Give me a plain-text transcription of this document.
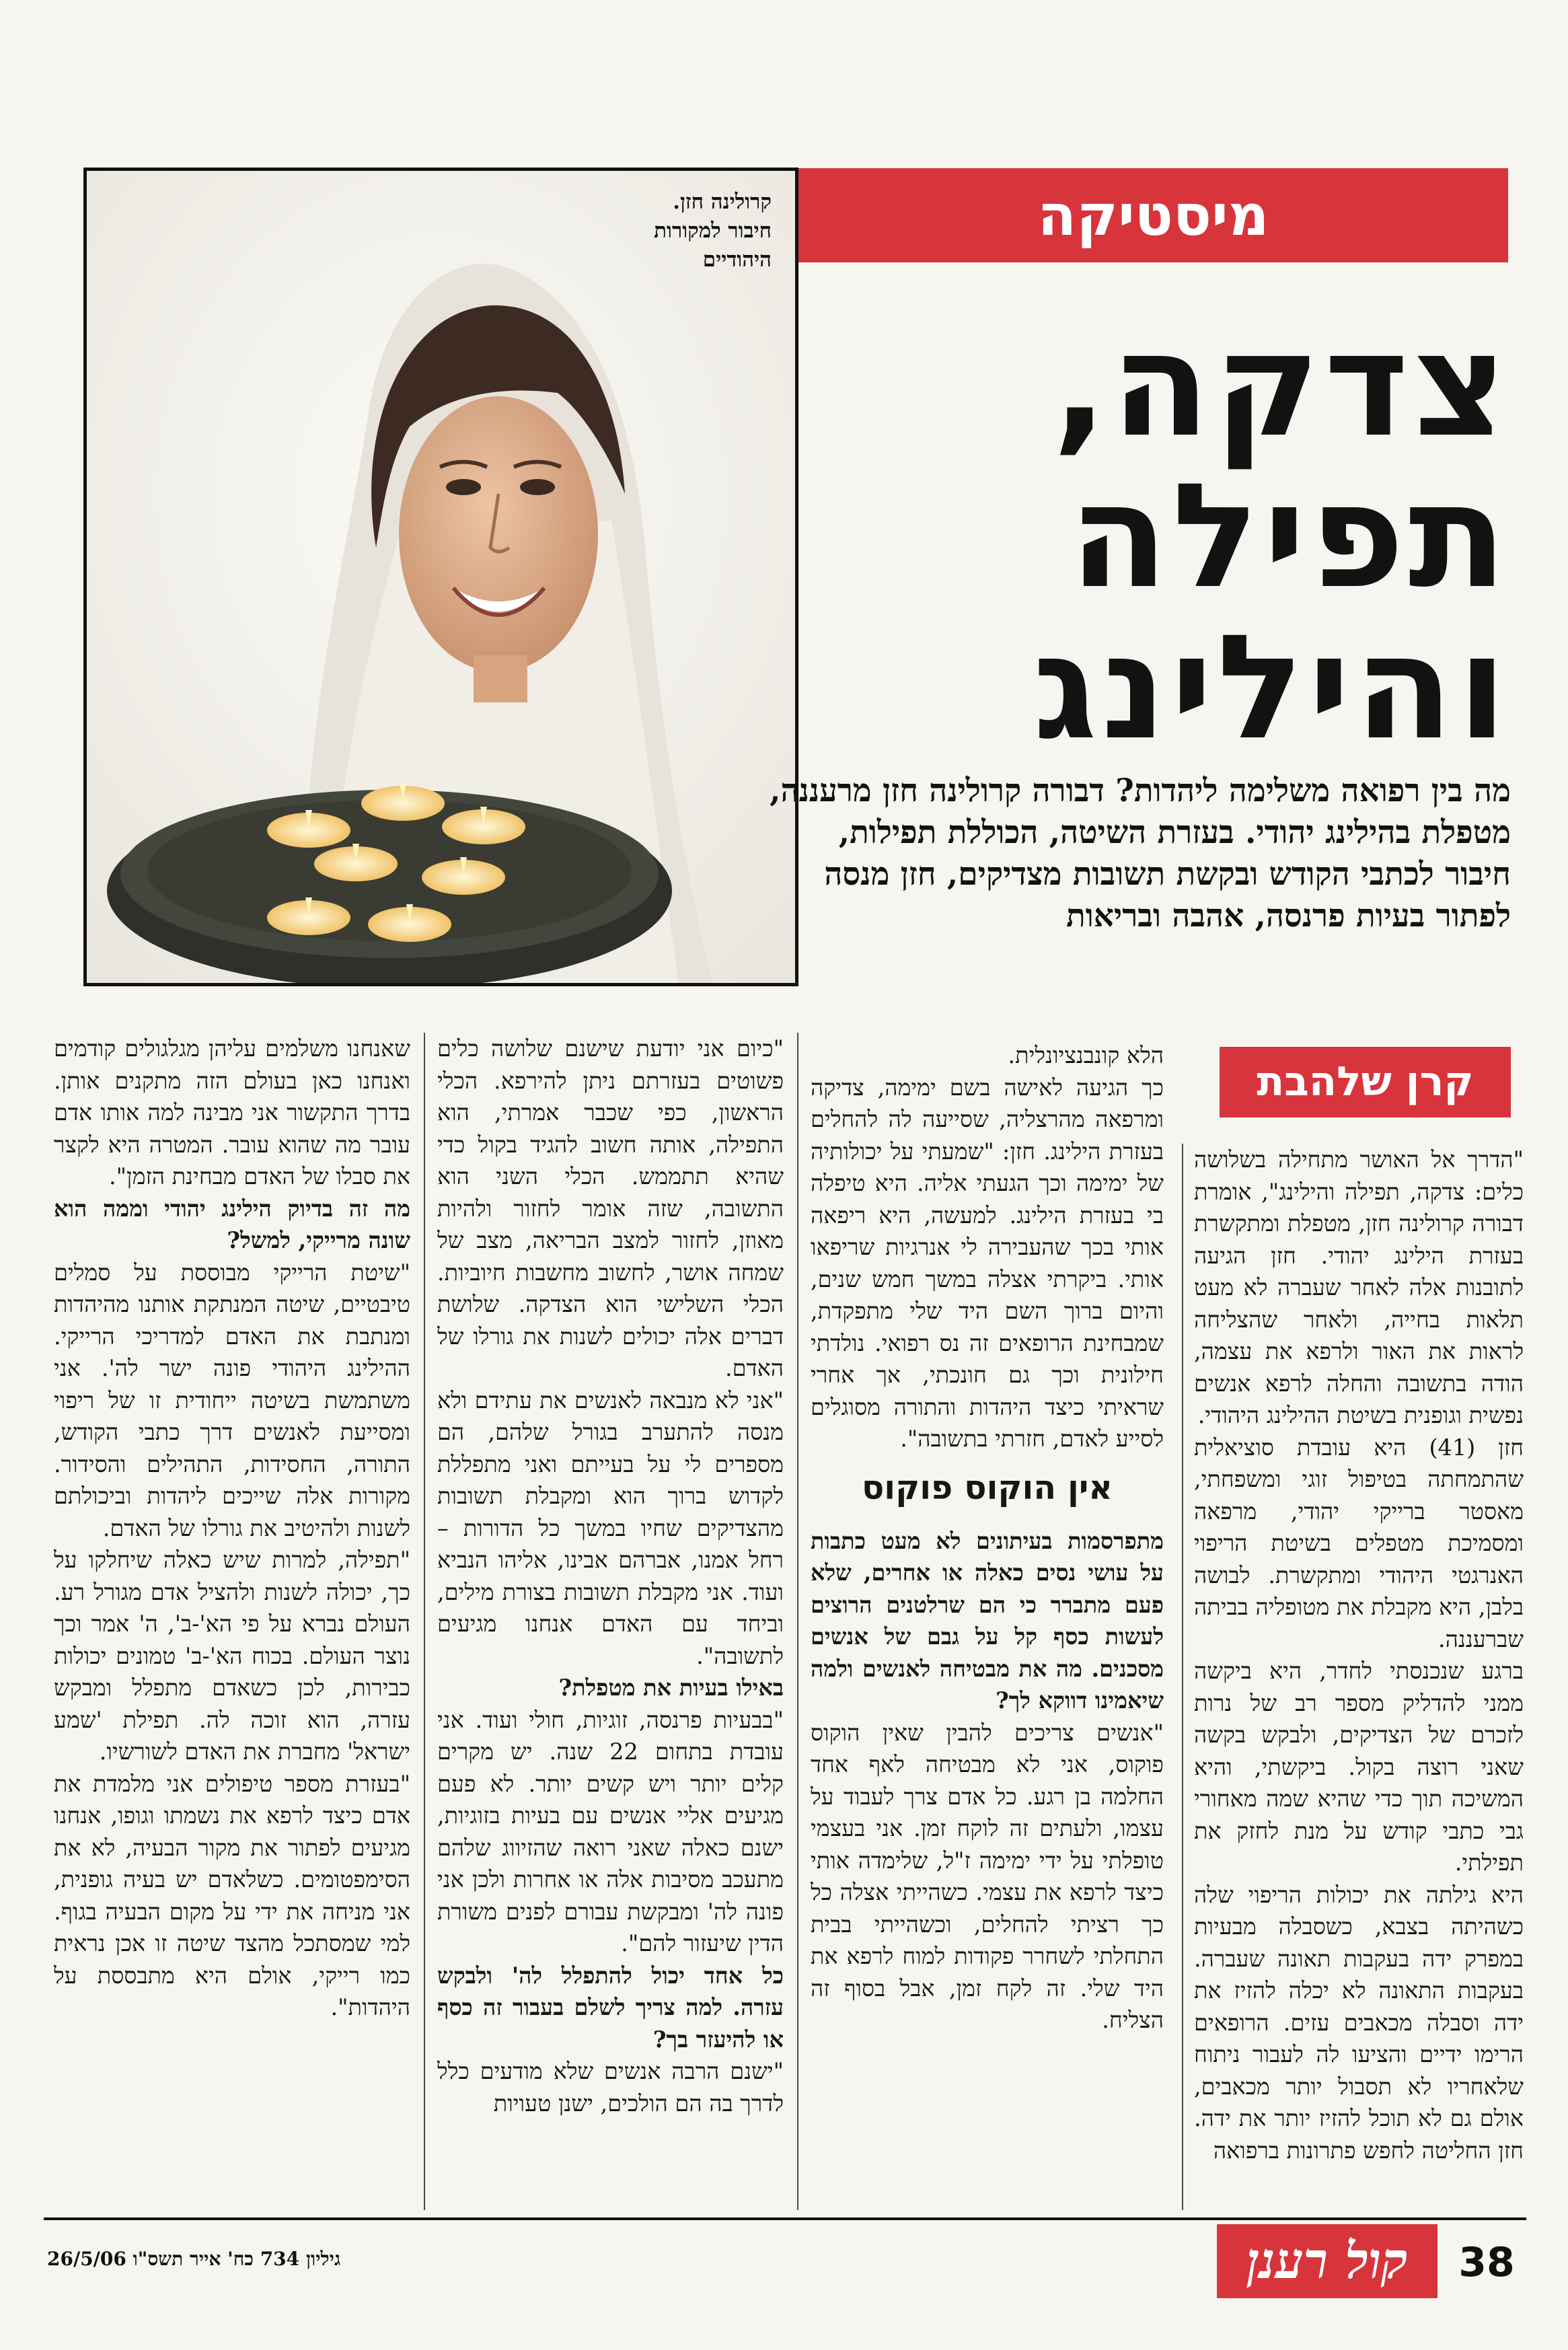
קרולינה חזן.
חיבור למקורות
היהודיים
מיסטיקה
צדקה,
תפילה
והילינג
מה בין רפואה משלימה ליהדות? דבורה קרולינה חזן מרעננה, מטפלת בהילינג יהודי. בעזרת השיטה, הכוללת תפילות, חיבור לכתבי הקודש ובקשת תשובות מצדיקים, חזן מנסה לפתור בעיות פרנסה, אהבה ובריאות
קרן שלהבת

"הדרך אל האושר מתחילה בשלושה כלים: צדקה, תפילה והילינג", אומרת דבורה קרולינה חזן, מטפלת ומתקשרת בעזרת הילינג יהודי. חזן הגיעה לתובנות אלה לאחר שעברה לא מעט תלאות בחייה, ולאחר שהצליחה לראות את האור ולרפא את עצמה, הודה בתשובה והחלה לרפא אנשים נפשית וגופנית בשיטת ההילינג היהודי.

חזן (41) היא עובדת סוציאלית שהתמחתה בטיפול זוגי ומשפחתי, מאסטר ברייקי יהודי, מרפאה ומסמיכת מטפלים בשיטת הריפוי האנרגטי היהודי ומתקשרת. לבושה בלבן, היא מקבלת את מטופליה בביתה שברעננה.

ברגע שנכנסתי לחדר, היא ביקשה ממני להדליק מספר רב של נרות לזכרם של הצדיקים, ולבקש בקשה שאני רוצה בקול. ביקשתי, והיא המשיכה תוך כדי שהיא שמה מאחורי גבי כתבי קודש על מנת לחזק את תפילתי.

היא גילתה את יכולות הריפוי שלה כשהיתה בצבא, כשסבלה מבעיות במפרק ידה בעקבות תאונה שעברה. בעקבות התאונה לא יכלה להזיז את ידה וסבלה מכאבים עזים. הרופאים הרימו ידיים והציעו לה לעבור ניתוח שלאחריו לא תסבול יותר מכאבים, אולם גם לא תוכל להזיז יותר את ידה. חזן החליטה לחפש פתרונות ברפואה

הלא קונבנציונלית.

כך הגיעה לאישה בשם ימימה, צדיקה ומרפאה מהרצליה, שסייעה לה להחלים בעזרת הילינג. חזן: "שמעתי על יכולותיה של ימימה וכך הגעתי אליה. היא טיפלה בי בעזרת הילינג. למעשה, היא ריפאה אותי בכך שהעבירה לי אנרגיות שריפאו אותי. ביקרתי אצלה במשך חמש שנים, והיום ברוך השם היד שלי מתפקדת, שמבחינת הרופאים זה נס רפואי. נולדתי חילונית וכך גם חונכתי, אך אחרי שראיתי כיצד היהדות והתורה מסוגלים לסייע לאדם, חזרתי בתשובה".

אין הוקוס פוקוס

מתפרסמות בעיתונים לא מעט כתבות על עושי נסים כאלה או אחרים, שלא פעם מתברר כי הם שרלטנים הרוצים לעשות כסף קל על גבם של אנשים מסכנים. מה את מבטיחה לאנשים ולמה שיאמינו דווקא לך?

"אנשים צריכים להבין שאין הוקוס פוקוס, אני לא מבטיחה לאף אחד החלמה בן רגע. כל אדם צרך לעבוד על עצמו, ולעתים זה לוקח זמן. אני בעצמי טופלתי על ידי ימימה ז"ל, שלימדה אותי כיצד לרפא את עצמי. כשהייתי אצלה כל כך רציתי להחלים, וכשהייתי בבית התחלתי לשחרר פקודות למוח לרפא את היד שלי. זה לקח זמן, אבל בסוף זה הצליח.

"כיום אני יודעת שישנם שלושה כלים פשוטים בעזרתם ניתן להירפא. הכלי הראשון, כפי שכבר אמרתי, הוא התפילה, אותה חשוב להגיד בקול כדי שהיא תתממש. הכלי השני הוא התשובה, שזה אומר לחזור ולהיות מאוזן, לחזור למצב הבריאה, מצב של שמחה אושר, לחשוב מחשבות חיוביות. הכלי השלישי הוא הצדקה. שלושת דברים אלה יכולים לשנות את גורלו של האדם.

"אני לא מנבאה לאנשים את עתידם ולא מנסה להתערב בגורל שלהם, הם מספרים לי על בעייתם ואני מתפללת לקדוש ברוך הוא ומקבלת תשובות מהצדיקים שחיו במשך כל הדורות – רחל אמנו, אברהם אבינו, אליהו הנביא ועוד. אני מקבלת תשובות בצורת מילים, וביחד עם האדם אנחנו מגיעים לתשובה".

באילו בעיות את מטפלת?

"בבעיות פרנסה, זוגיות, חולי ועוד. אני עובדת בתחום 22 שנה. יש מקרים קלים יותר ויש קשים יותר. לא פעם מגיעים אליי אנשים עם בעיות בזוגיות, ישנם כאלה שאני רואה שהזיווג שלהם מתעכב מסיבות אלה או אחרות ולכן אני פונה לה' ומבקשת עבורם לפנים משורת הדין שיעזור להם".

כל אחד יכול להתפלל לה' ולבקש עזרה. למה צריך לשלם בעבור זה כסף או להיעזר בך?

"ישנם הרבה אנשים שלא מודעים כלל לדרך בה הם הולכים, ישנן טעויות

שאנחנו משלמים עליהן מגלגולים קודמים ואנחנו כאן בעולם הזה מתקנים אותן. בדרך התקשור אני מבינה למה אותו אדם עובר מה שהוא עובר. המטרה היא לקצר את סבלו של האדם מבחינת הזמן".

מה זה בדיוק הילינג יהודי וממה הוא שונה מרייקי, למשל?

"שיטת הרייקי מבוססת על סמלים טיבטיים, שיטה המנתקת אותנו מהיהדות ומנתבת את האדם למדריכי הרייקי. ההילינג היהודי פונה ישר לה'. אני משתמשת בשיטה ייחודית זו של ריפוי ומסייעת לאנשים דרך כתבי הקודש, התורה, החסידות, התהילים והסידור. מקורות אלה שייכים ליהדות וביכולתם לשנות ולהיטיב את גורלו של האדם.

"תפילה, למרות שיש כאלה שיחלקו על כך, יכולה לשנות ולהציל אדם מגורל רע. העולם נברא על פי הא'-ב', ה' אמר וכך נוצר העולם. בכוח הא'-ב' טמונים יכולות כבירות, לכן כשאדם מתפלל ומבקש עזרה, הוא זוכה לה. תפילת 'שמע ישראל' מחברת את האדם לשורשיו.

"בעזרת מספר טיפולים אני מלמדת את אדם כיצד לרפא את נשמתו וגופו, אנחנו מגיעים לפתור את מקור הבעיה, לא את הסימפטומים. כשלאדם יש בעיה גופנית, אני מניחה את ידי על מקום הבעיה בגוף. למי שמסתכל מהצד שיטה זו אכן נראית כמו רייקי, אולם היא מתבססת על היהדות".

38
קול רענן
גיליון 734 כח' אייר תשס"ו 26/5/06
